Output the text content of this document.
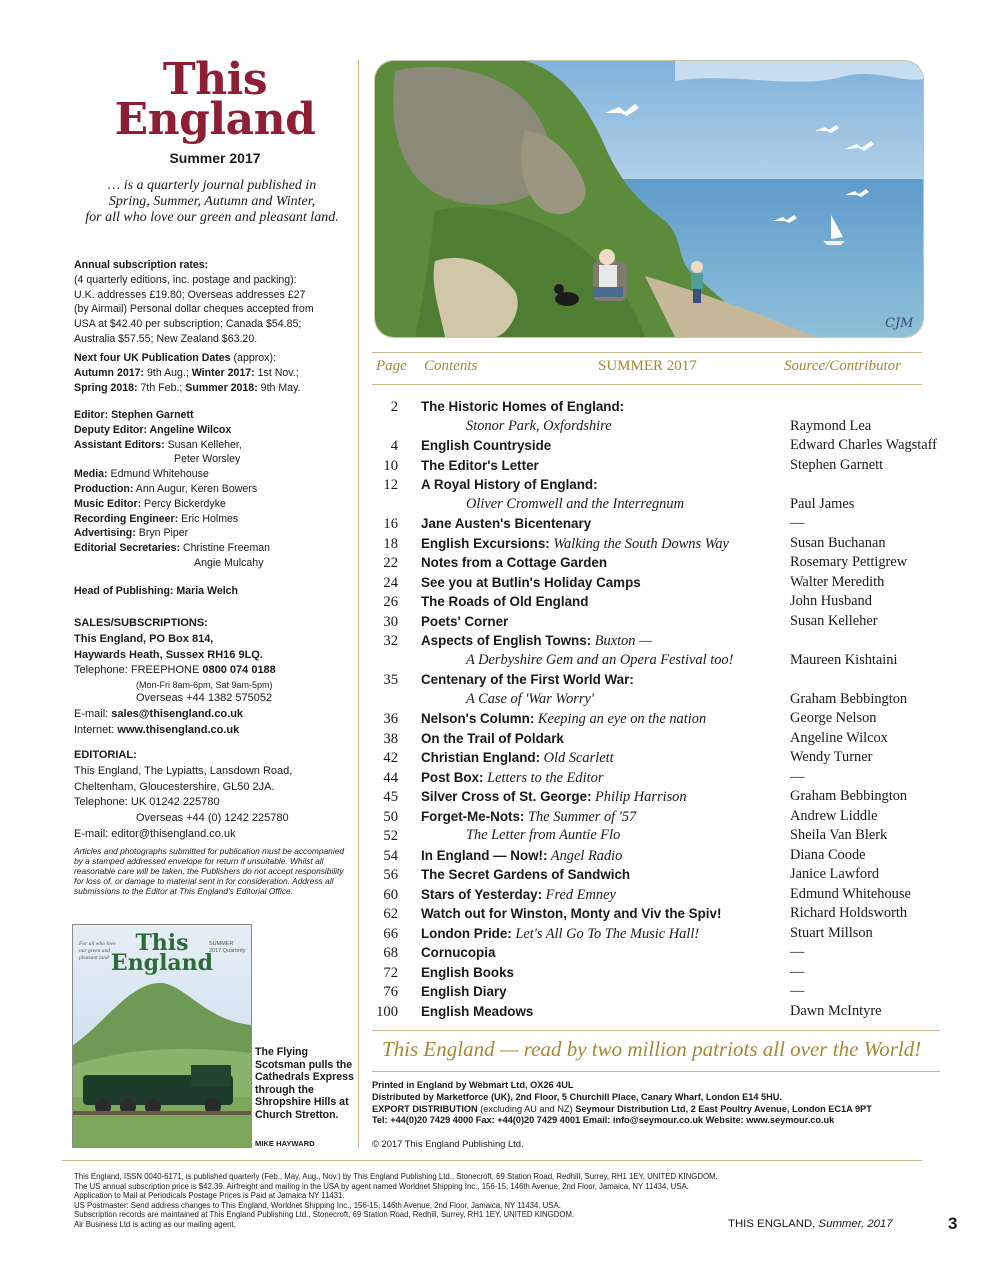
This
England
Summer 2017
… is a quarterly journal published in
Spring, Summer, Autumn and Winter,
for all who love our green and pleasant land.
Annual subscription rates:
(4 quarterly editions, inc. postage and packing):
U.K. addresses £19.80; Overseas addresses £27
(by Airmail) Personal dollar cheques accepted from
USA at $42.40 per subscription; Canada $54.85;
Australia $57.55; New Zealand $63.20.
Next four UK Publication Dates (approx):
Autumn 2017: 9th Aug.; Winter 2017: 1st Nov.;
Spring 2018: 7th Feb.; Summer 2018: 9th May.
Editor: Stephen Garnett
Deputy Editor: Angeline Wilcox
Assistant Editors: Susan Kelleher,
Peter Worsley
Media: Edmund Whitehouse
Production: Ann Augur, Keren Bowers
Music Editor: Percy Bickerdyke
Recording Engineer: Eric Holmes
Advertising: Bryn Piper
Editorial Secretaries: Christine Freeman
Angie Mulcahy
Head of Publishing: Maria Welch
SALES/SUBSCRIPTIONS:
This England, PO Box 814,
Haywards Heath, Sussex RH16 9LQ.
Telephone: FREEPHONE 0800 074 0188
(Mon-Fri 8am-6pm, Sat 9am-5pm)
Overseas +44 1382 575052
E-mail: sales@thisengland.co.uk
Internet: www.thisengland.co.uk
EDITORIAL:
This England, The Lypiatts, Lansdown Road,
Cheltenham, Gloucestershire, GL50 2JA.
Telephone: UK 01242 225780
Overseas +44 (0) 1242 225780
E-mail: editor@thisengland.co.uk
Articles and photographs submitted for publication must be accompanied by a stamped addressed envelope for return if unsuitable. Whilst all reasonable care will be taken, the Publishers do not accept responsibility for loss of, or damage to material sent in for consideration. Address all submissions to the Editor at This England's Editorial Office.
This
England
For all who love our green and pleasant land
SUMMER 2017 Quarterly
The Flying Scotsman pulls the Cathedrals Express through the Shropshire Hills at Church Stretton.
MIKE HAYWARD
CJM
Page Contents	SUMMER 2017	Source/Contributor
2 The Historic Homes of England:
Stonor Park, Oxfordshire	Raymond Lea
4 English Countryside	Edward Charles Wagstaff
10 The Editor's Letter	Stephen Garnett
12 A Royal History of England:
Oliver Cromwell and the Interregnum	Paul James
16 Jane Austen's Bicentenary	—
18 English Excursions: Walking the South Downs Way	Susan Buchanan
22 Notes from a Cottage Garden	Rosemary Pettigrew
24 See you at Butlin's Holiday Camps	Walter Meredith
26 The Roads of Old England	John Husband
30 Poets' Corner	Susan Kelleher
32 Aspects of English Towns: Buxton —
A Derbyshire Gem and an Opera Festival too!	Maureen Kishtaini
35 Centenary of the First World War:
A Case of 'War Worry'	Graham Bebbington
36 Nelson's Column: Keeping an eye on the nation	George Nelson
38 On the Trail of Poldark	Angeline Wilcox
42 Christian England: Old Scarlett	Wendy Turner
44 Post Box: Letters to the Editor	—
45 Silver Cross of St. George: Philip Harrison	Graham Bebbington
50 Forget-Me-Nots: The Summer of '57	Andrew Liddle
52	The Letter from Auntie Flo	Sheila Van Blerk
54 In England — Now!: Angel Radio	Diana Coode
56 The Secret Gardens of Sandwich	Janice Lawford
60 Stars of Yesterday: Fred Emney	Edmund Whitehouse
62 Watch out for Winston, Monty and Viv the Spiv!	Richard Holdsworth
66 London Pride: Let's All Go To The Music Hall!	Stuart Millson
68 Cornucopia	—
72 English Books	—
76 English Diary	—
100 English Meadows	Dawn McIntyre
This England — read by two million patriots all over the World!
Printed in England by Webmart Ltd, OX26 4UL
Distributed by Marketforce (UK), 2nd Floor, 5 Churchill Place, Canary Wharf, London E14 5HU.
EXPORT DISTRIBUTION (excluding AU and NZ) Seymour Distribution Ltd, 2 East Poultry Avenue, London EC1A 9PT
Tel: +44(0)20 7429 4000 Fax: +44(0)20 7429 4001 Email: info@seymour.co.uk Website: www.seymour.co.uk
© 2017 This England Publishing Ltd.
This England, ISSN 0040-6171, is published quarterly (Feb., May, Aug., Nov.) by This England Publishing Ltd., Stonecroft, 69 Station Road, Redhill, Surrey, RH1 1EY, UNITED KINGDOM.
The US annual subscription price is $42.39. Airfreight and mailing in the USA by agent named Worldnet Shipping Inc., 156-15, 146th Avenue, 2nd Floor, Jamaica, NY 11434, USA.
Application to Mail at Periodicals Postage Prices is Paid at Jamaica NY 11431.
US Postmaster: Send address changes to This England, Worldnet Shipping Inc., 156-15, 146th Avenue, 2nd Floor, Jamaica, NY 11434, USA.
Subscription records are maintained at This England Publishing Ltd., Stonecroft, 69 Station Road, Redhill, Surrey, RH1 1EY, UNITED KINGDOM.
Air Business Ltd is acting as our mailing agent.	THIS ENGLAND, Summer, 2017	3
